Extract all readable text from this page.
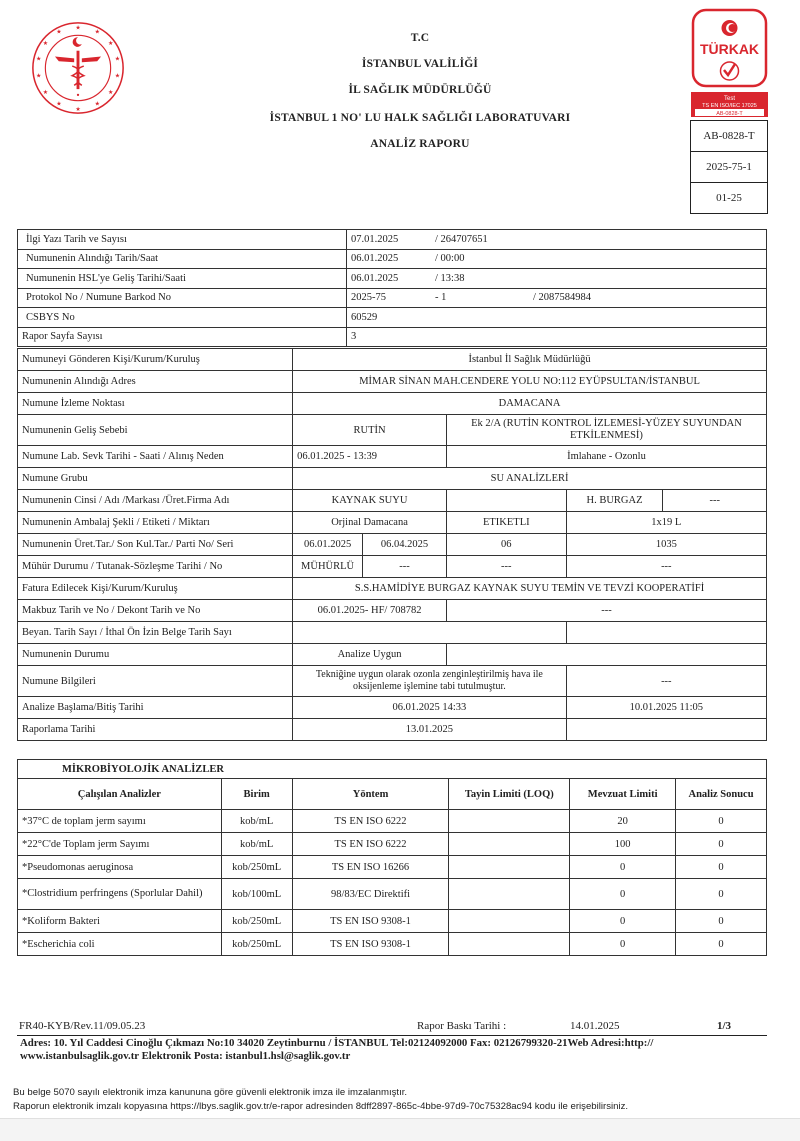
★
★	★
★	★
★	★
★	★
★	★
★	★
★
T.C
İSTANBUL VALİLİĞİ
İL SAĞLIK MÜDÜRLÜĞÜ
İSTANBUL 1 NO' LU HALK SAĞLIĞI LABORATUVARI
ANALİZ RAPORU
TÜRKAK
Test
TS EN ISO/IEC 17025
AB-0828-T
AB-0828-T
2025-75-1
01-25
İlgi Yazı Tarih ve Sayısı	07.01.2025 / 264707651
Numunenin Alındığı Tarih/Saat	06.01.2025 / 00:00
Numunenin HSL'ye Geliş Tarihi/Saati	06.01.2025 / 13:38
Protokol No / Numune Barkod No	2025-75 - 1 / 2087584984
CSBYS No	60529
Rapor Sayfa Sayısı	3
Numuneyi Gönderen Kişi/Kurum/Kuruluş	İstanbul İl Sağlık Müdürlüğü				
Numunenin Alındığı Adres	MİMAR SİNAN MAH.CENDERE YOLU NO:112 EYÜPSULTAN/İSTANBUL				
Numune İzleme Noktası	DAMACANA				
Numunenin Geliş Sebebi	RUTİN		Ek 2/A (RUTİN KONTROL İZLEMESİ-YÜZEY SUYUNDAN ETKİLENMESİ)		
Numune Lab. Sevk Tarihi - Saati / Alınış Neden	06.01.2025 - 13:39		İmlahane - Ozonlu		
Numune Grubu	SU ANALİZLERİ				
Numunenin Cinsi / Adı /Markası /Üret.Firma Adı	KAYNAK SUYU			H. BURGAZ	---
Numunenin Ambalaj Şekli / Etiketi / Miktarı	Orjinal Damacana		ETIKETLI	1x19 L	
Numunenin Üret.Tar./ Son Kul.Tar./ Parti No/ Seri	06.01.2025	06.04.2025	06	1035	
Mühür Durumu / Tutanak-Sözleşme Tarihi / No	MÜHÜRLÜ	---	---	---	
Fatura Edilecek Kişi/Kurum/Kuruluş	S.S.HAMİDİYE BURGAZ KAYNAK SUYU TEMİN VE TEVZİ KOOPERATİFİ				
Makbuz Tarih ve No / Dekont Tarih ve No	06.01.2025- HF/ 708782		---		
Beyan. Tarih Sayı / İthal Ön İzin Belge Tarih Sayı					
Numunenin Durumu	Analize Uygun				
Numune Bilgileri	Tekniğine uygun olarak ozonla zenginleştirilmiş hava ile oksijenleme işlemine tabi tutulmuştur.			---	
Analize Başlama/Bitiş Tarihi	06.01.2025 14:33			10.01.2025 11:05	
Raporlama Tarihi	13.01.2025				
MİKROBİYOLOJİK ANALİZLER					
Çalışılan Analizler	Birim	Yöntem	Tayin Limiti (LOQ)	Mevzuat Limiti	Analiz Sonucu
*37°C de toplam jerm sayımı	kob/mL	TS EN ISO 6222		20	0
*22°C'de Toplam jerm Sayımı	kob/mL	TS EN ISO 6222		100	0
*Pseudomonas aeruginosa	kob/250mL	TS EN ISO 16266		0	0
*Clostridium perfringens (Sporlular Dahil)	kob/100mL	98/83/EC Direktifi		0	0
*Koliform Bakteri	kob/250mL	TS EN ISO 9308-1		0	0
*Escherichia coli	kob/250mL	TS EN ISO 9308-1		0	0
FR40-KYB/Rev.11/09.05.23	Rapor Baskı Tarihi :	14.01.2025	1/3
Adres: 10. Yıl Caddesi Cinoğlu Çıkmazı No:10 34020 Zeytinburnu / İSTANBUL Tel:02124092000 Fax: 02126799320-21Web Adresi:http://
www.istanbulsaglik.gov.tr Elektronik Posta: istanbul1.hsl@saglik.gov.tr
Bu belge 5070 sayılı elektronik imza kanununa göre güvenli elektronik imza ile imzalanmıştır.
Raporun elektronik imzalı kopyasına https://lbys.saglik.gov.tr/e-rapor adresinden 8dff2897-865c-4bbe-97d9-70c75328ac94 kodu ile erişebilirsiniz.
